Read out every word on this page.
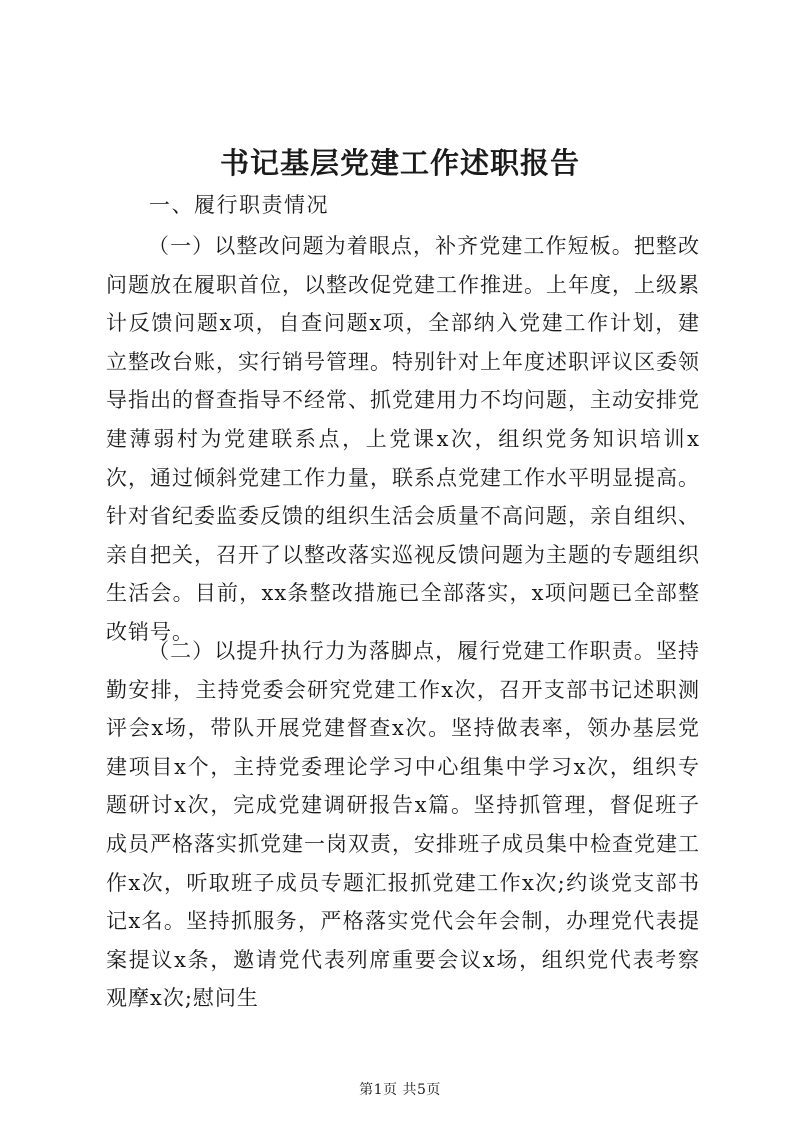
书记基层党建工作述职报告
一、履行职责情况

（一）以整改问题为着眼点，补齐党建工作短板。把整改问题放在履职首位，以整改促党建工作推进。上年度，上级累计反馈问题x项，自查问题x项，全部纳入党建工作计划，建立整改台账，实行销号管理。特别针对上年度述职评议区委领导指出的督查指导不经常、抓党建用力不均问题，主动安排党建薄弱村为党建联系点，上党课x次，组织党务知识培训x次，通过倾斜党建工作力量，联系点党建工作水平明显提高。针对省纪委监委反馈的组织生活会质量不高问题，亲自组织、亲自把关，召开了以整改落实巡视反馈问题为主题的专题组织生活会。目前，xx条整改措施已全部落实，x项问题已全部整改销号。

（二）以提升执行力为落脚点，履行党建工作职责。坚持勤安排，主持党委会研究党建工作x次，召开支部书记述职测评会x场，带队开展党建督查x次。坚持做表率，领办基层党建项目x个，主持党委理论学习中心组集中学习x次，组织专题研讨x次，完成党建调研报告x篇。坚持抓管理，督促班子成员严格落实抓党建一岗双责，安排班子成员集中检查党建工作x次，听取班子成员专题汇报抓党建工作x次;约谈党支部书记x名。坚持抓服务，严格落实党代会年会制，办理党代表提案提议x条，邀请党代表列席重要会议x场，组织党代表考察观摩x次;慰问生

第1页 共5页
